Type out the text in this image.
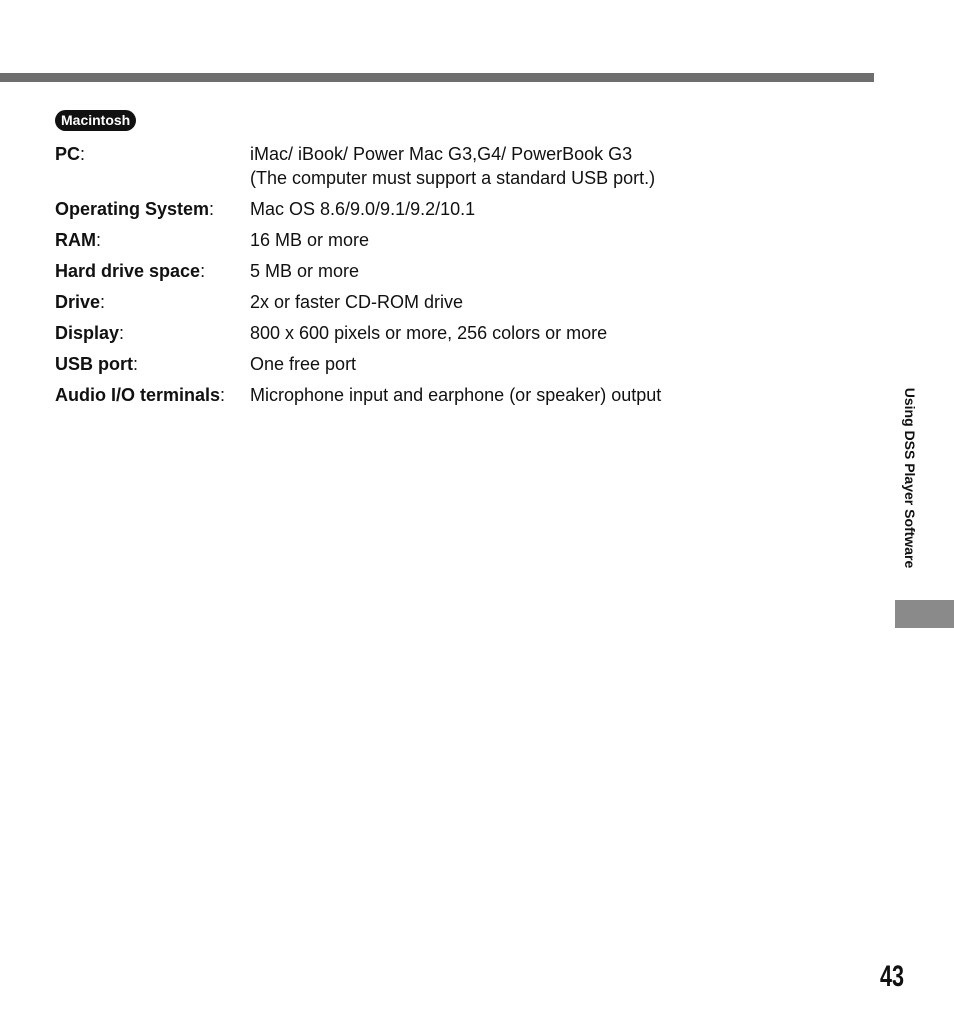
Macintosh
PC:	iMac/ iBook/ Power Mac G3,G4/ PowerBook G3
(The computer must support a standard USB port.)
Operating System:	Mac OS 8.6/9.0/9.1/9.2/10.1
RAM:	16 MB or more
Hard drive space:	5 MB or more
Drive:	2x or faster CD-ROM drive
Display:	800 x 600 pixels or more, 256 colors or more
USB port:	One free port
Audio I/O terminals:	Microphone input and earphone (or speaker) output	Using DSS Player Software
43
